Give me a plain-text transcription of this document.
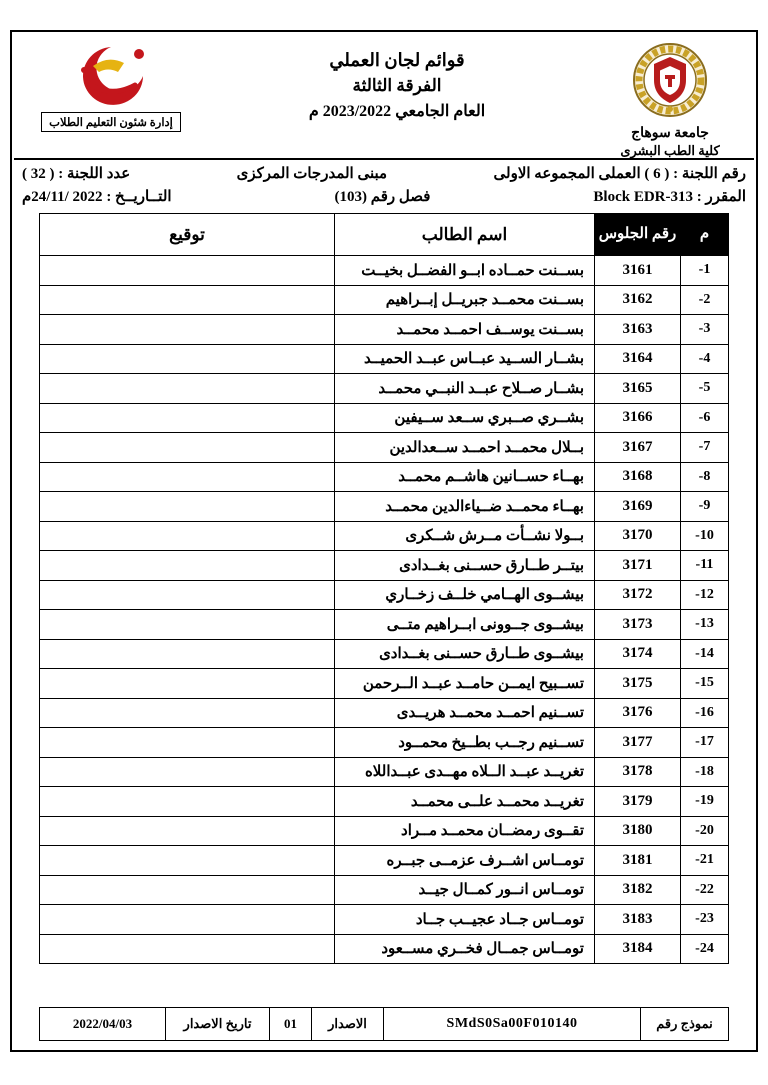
جامعة سوهاج
كلية الطب البشرى
قوائم لجان العملي
الفرقة الثالثة
العام الجامعي 2023/2022 م
إدارة شئون التعليم الطلاب
رقم اللجنة : ( 6 ) العملى المجموعه الاولى
مبنى المدرجات المركزى
عدد اللجنة : ( 32 )
المقرر : Block EDR-313
فصل رقم (103)
التــاريــخ : 24/11/ 2022م
م	رقم الجلوس	اسم الطالب	توقيع
-1	3161	بســنت حمــاده ابــو الفضــل بخيــت	
-2	3162	بســنت محمــد جبريــل إبــراهيم	
-3	3163	بســنت يوســف احمــد محمــد	
-4	3164	بشــار الســيد عبــاس عبــد الحميــد	
-5	3165	بشــار صــلاح عبــد النبــي محمــد	
-6	3166	بشــري صــبري ســعد ســيفين	
-7	3167	بــلال محمــد احمــد ســعدالدين	
-8	3168	بهــاء حســانين هاشــم محمــد	
-9	3169	بهــاء محمــد ضــياءالدين محمــد	
-10	3170	بــولا نشــأت مــرش شــكرى	
-11	3171	بيتــر طــارق حســنى بغــدادى	
-12	3172	بيشــوى الهــامي خلــف زخــاري	
-13	3173	بيشــوى جــوونى ابــراهيم متــى	
-14	3174	بيشــوى طــارق حســنى بغــدادى	
-15	3175	تســبيح ايمــن حامــد عبــد الــرحمن	
-16	3176	تســنيم احمــد محمــد هريــدى	
-17	3177	تســنيم رجــب بطــيخ محمــود	
-18	3178	تغريــد عبــد الــلاه مهــدى عبــداللاه	
-19	3179	تغريــد محمــد علــى محمــد	
-20	3180	تقــوى رمضــان محمــد مــراد	
-21	3181	تومــاس اشــرف عزمــى جبــره	
-22	3182	تومــاس انــور كمــال جيــد	
-23	3183	تومــاس جــاد عجيــب جــاد	
-24	3184	تومــاس جمــال فخــري مســعود	
نموذج رقم	SMdS0Sa00F010140	الاصدار	01	تاريخ الاصدار	2022/04/03
